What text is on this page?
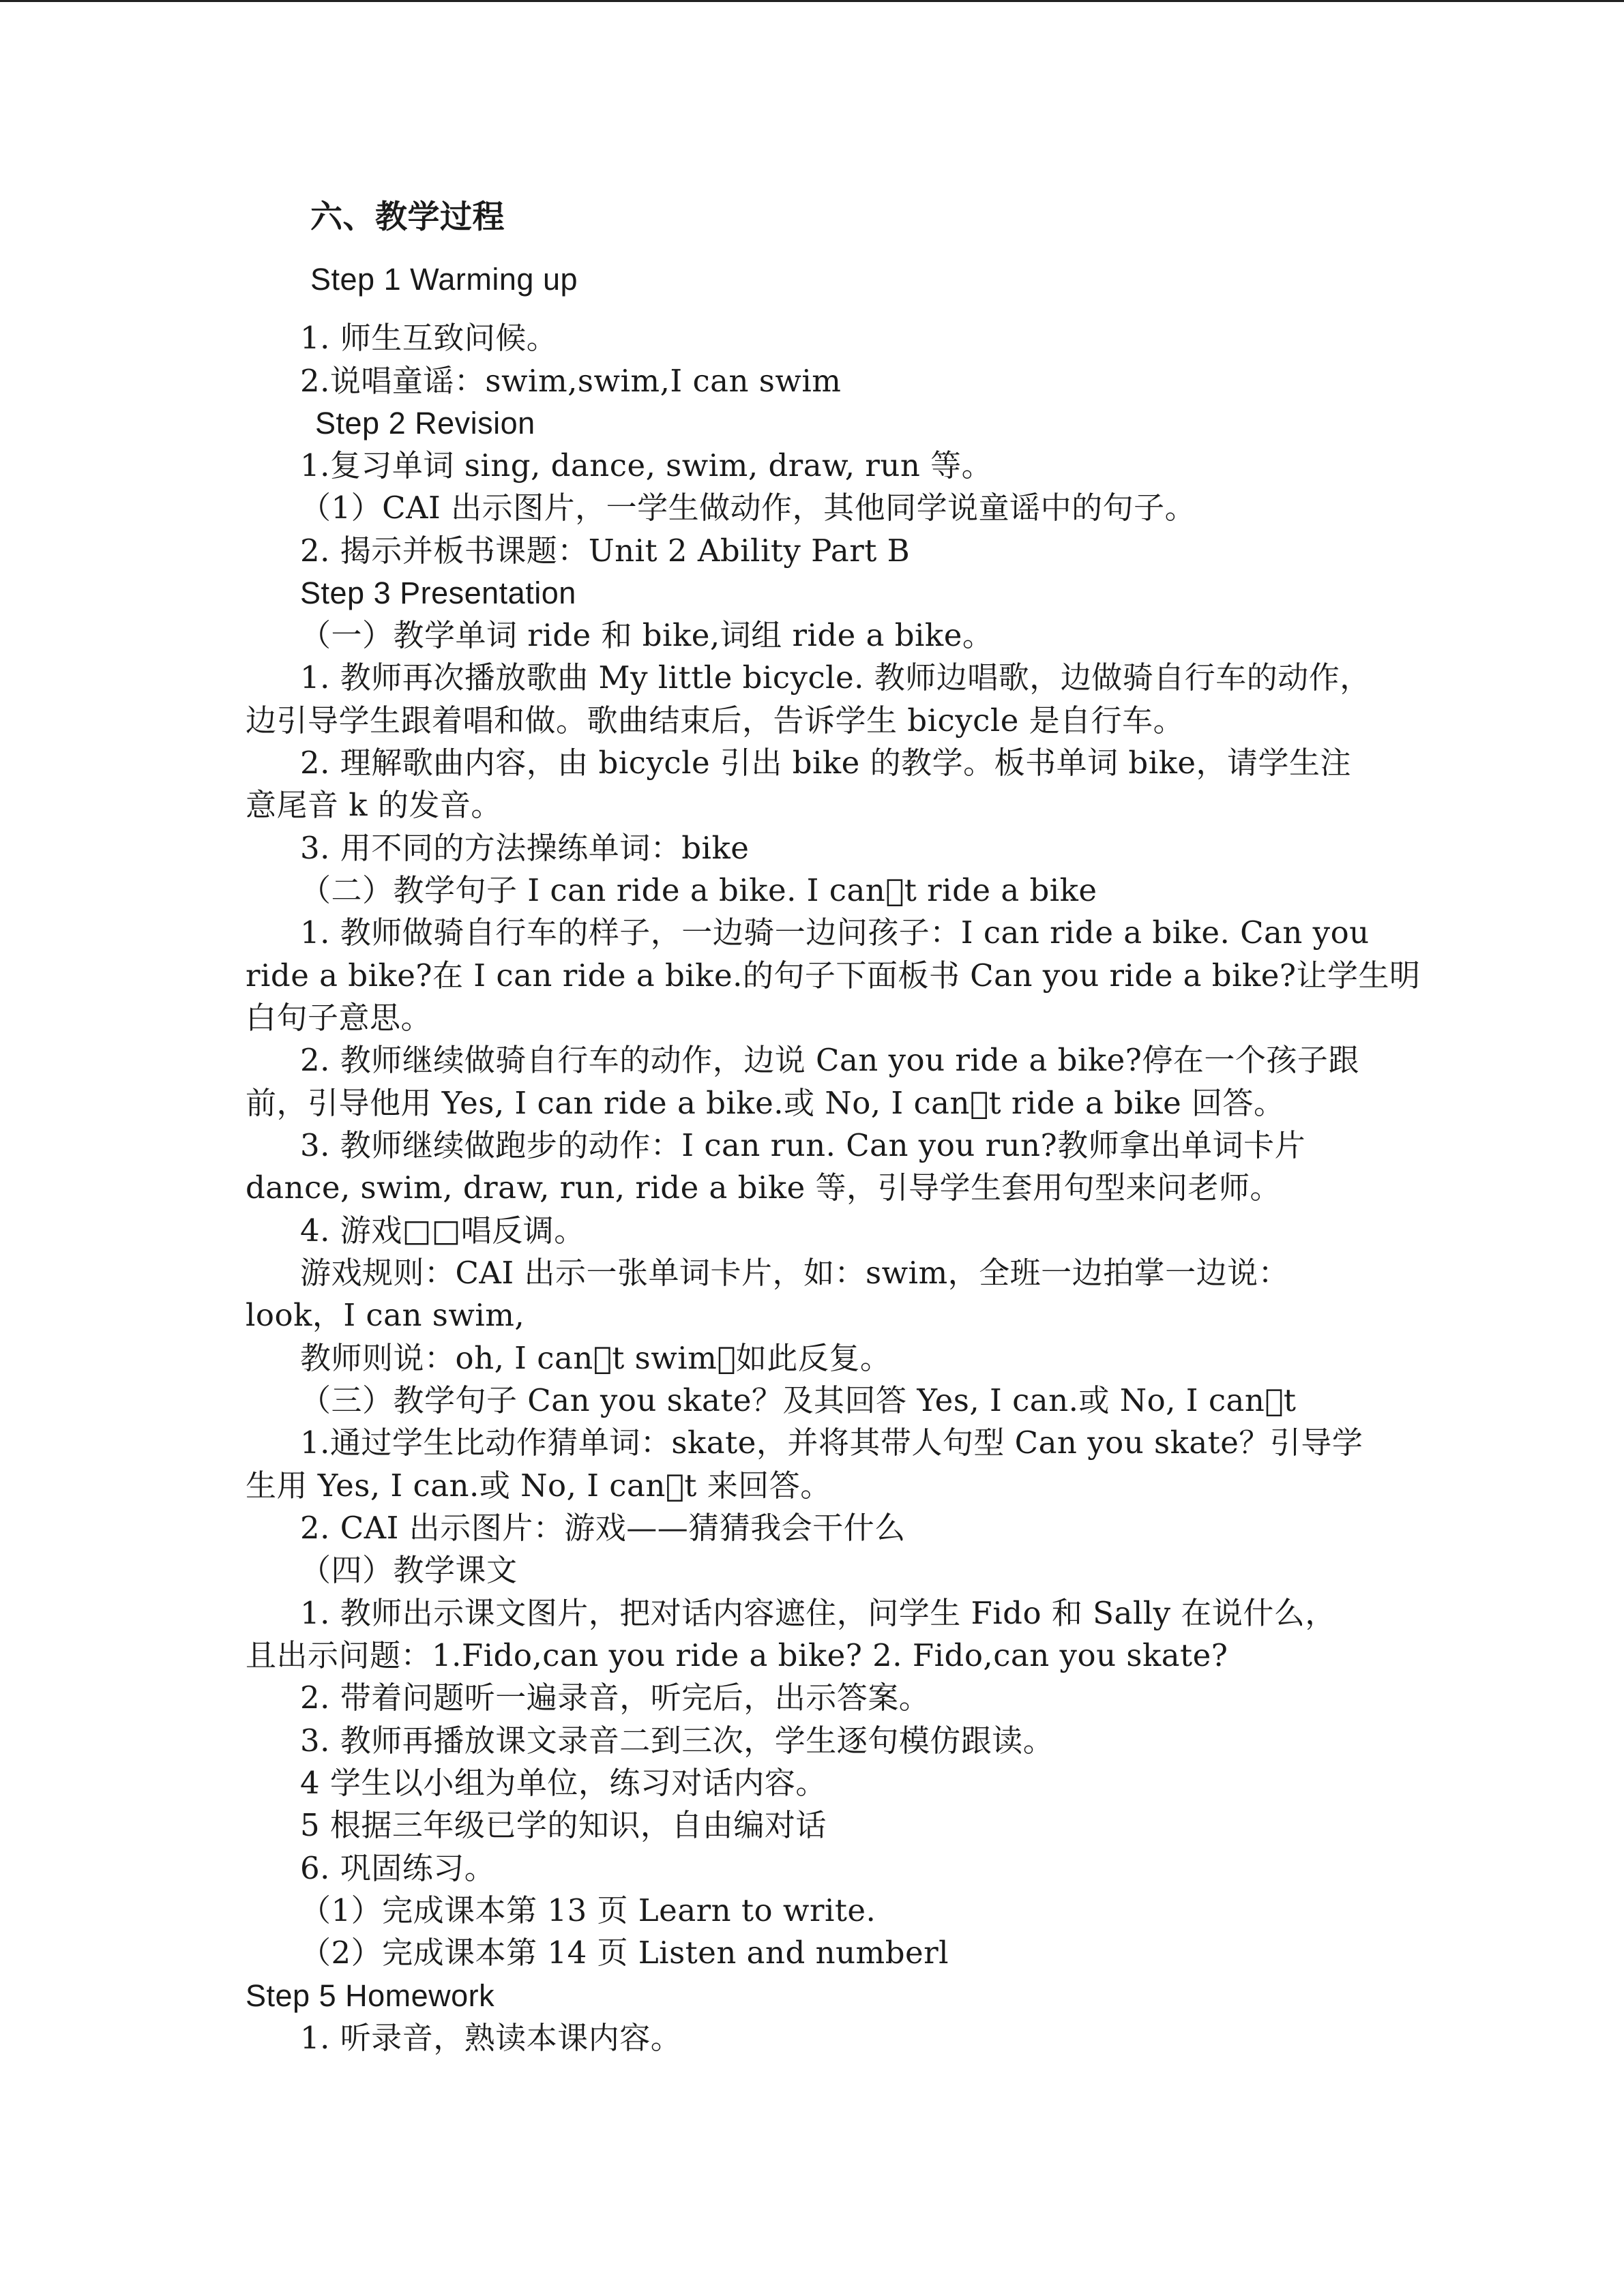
六、教学过程
Step 1 Warming up
1. 师生互致问候。
2.说唱童谣：swim,swim,I can swim
Step 2 Revision
1.复习单词 sing, dance, swim, draw, run 等。
（1）CAI 出示图片，一学生做动作，其他同学说童谣中的句子。
2. 揭示并板书课题：Unit 2 Ability Part B
Step 3 Presentation
（一）教学单词 ride 和 bike,词组 ride a bike。
1. 教师再次播放歌曲 My little bicycle. 教师边唱歌，边做骑自行车的动作，
边引导学生跟着唱和做。歌曲结束后，告诉学生 bicycle 是自行车。
2. 理解歌曲内容，由 bicycle 引出 bike 的教学。板书单词 bike，请学生注
意尾音 k 的发音。
3. 用不同的方法操练单词：bike
（二）教学句子 I can ride a bike. I can t ride a bike
1. 教师做骑自行车的样子，一边骑一边问孩子：I can ride a bike. Can you
ride a bike?在 I can ride a bike.的句子下面板书 Can you ride a bike?让学生明
白句子意思。
2. 教师继续做骑自行车的动作，边说 Can you ride a bike?停在一个孩子跟
前，引导他用 Yes, I can ride a bike.或 No, I can t ride a bike 回答。
3. 教师继续做跑步的动作：I can run. Can you run?教师拿出单词卡片
dance, swim, draw, run, ride a bike 等，引导学生套用句型来问老师。
4. 游戏□□唱反调。
游戏规则：CAI 出示一张单词卡片，如：swim，全班一边拍掌一边说：
look，I can swim,
教师则说：oh, I can t swim，如此反复。
（三）教学句子 Can you skate？及其回答 Yes, I can.或 No, I can t
1.通过学生比动作猜单词：skate，并将其带人句型 Can you skate？引导学
生用 Yes, I can.或 No, I can t 来回答。
2. CAI 出示图片：游戏——猜猜我会干什么
（四）教学课文
1. 教师出示课文图片，把对话内容遮住，问学生 Fido 和 Sally 在说什么，
且出示问题：1.Fido,can you ride a bike? 2. Fido,can you skate?
2. 带着问题听一遍录音，听完后，出示答案。
3. 教师再播放课文录音二到三次，学生逐句模仿跟读。
4 学生以小组为单位，练习对话内容。
5 根据三年级已学的知识，自由编对话
6. 巩固练习。
（1）完成课本第 13 页 Learn to write.
（2）完成课本第 14 页 Listen and numberl
Step 5 Homework
1. 听录音，熟读本课内容。
